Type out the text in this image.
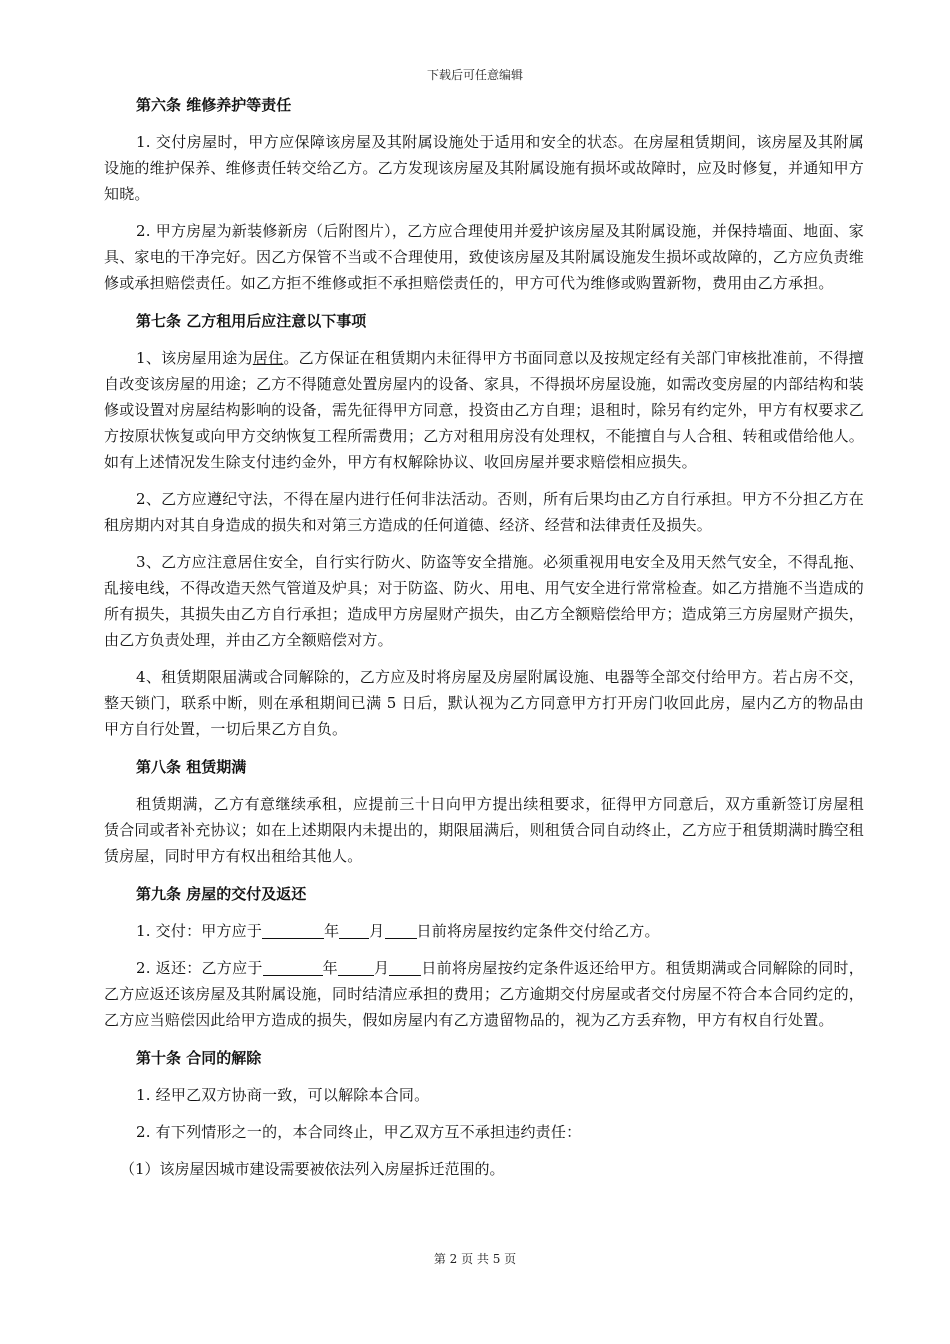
下载后可任意编辑

第六条 维修养护等责任

1. 交付房屋时，甲方应保障该房屋及其附属设施处于适用和安全的状态。在房屋租赁期间，该房屋及其附属设施的维护保养、维修责任转交给乙方。乙方发现该房屋及其附属设施有损坏或故障时，应及时修复，并通知甲方知晓。

2. 甲方房屋为新装修新房（后附图片），乙方应合理使用并爱护该房屋及其附属设施，并保持墙面、地面、家具、家电的干净完好。因乙方保管不当或不合理使用，致使该房屋及其附属设施发生损坏或故障的，乙方应负责维修或承担赔偿责任。如乙方拒不维修或拒不承担赔偿责任的，甲方可代为维修或购置新物，费用由乙方承担。

第七条 乙方租用后应注意以下事项

1、该房屋用途为居住。乙方保证在租赁期内未征得甲方书面同意以及按规定经有关部门审核批准前，不得擅自改变该房屋的用途；乙方不得随意处置房屋内的设备、家具，不得损坏房屋设施，如需改变房屋的内部结构和装修或设置对房屋结构影响的设备，需先征得甲方同意，投资由乙方自理；退租时，除另有约定外，甲方有权要求乙方按原状恢复或向甲方交纳恢复工程所需费用；乙方对租用房没有处理权，不能擅自与人合租、转租或借给他人。如有上述情况发生除支付违约金外，甲方有权解除协议、收回房屋并要求赔偿相应损失。

2、乙方应遵纪守法，不得在屋内进行任何非法活动。否则，所有后果均由乙方自行承担。甲方不分担乙方在租房期内对其自身造成的损失和对第三方造成的任何道德、经济、经营和法律责任及损失。

3、乙方应注意居住安全，自行实行防火、防盗等安全措施。必须重视用电安全及用天然气安全，不得乱拖、乱接电线，不得改造天然气管道及炉具；对于防盗、防火、用电、用气安全进行常常检查。如乙方措施不当造成的所有损失，其损失由乙方自行承担；造成甲方房屋财产损失，由乙方全额赔偿给甲方；造成第三方房屋财产损失，由乙方负责处理，并由乙方全额赔偿对方。

4、租赁期限届满或合同解除的，乙方应及时将房屋及房屋附属设施、电器等全部交付给甲方。若占房不交，整天锁门，联系中断，则在承租期间已满 5 日后，默认视为乙方同意甲方打开房门收回此房，屋内乙方的物品由甲方自行处置，一切后果乙方自负。

第八条 租赁期满

租赁期满，乙方有意继续承租，应提前三十日向甲方提出续租要求，征得甲方同意后，双方重新签订房屋租赁合同或者补充协议；如在上述期限内未提出的，期限届满后，则租赁合同自动终止，乙方应于租赁期满时腾空租赁房屋，同时甲方有权出租给其他人。

第九条 房屋的交付及返还

1. 交付：甲方应于	年 月 日前将房屋按约定条件交付给乙方。

2. 返还：乙方应于	年 月 日前将房屋按约定条件返还给甲方。租赁期满或合同解除的同时，乙方应返还该房屋及其附属设施，同时结清应承担的费用；乙方逾期交付房屋或者交付房屋不符合本合同约定的，乙方应当赔偿因此给甲方造成的损失，假如房屋内有乙方遗留物品的，视为乙方丢弃物，甲方有权自行处置。

第十条 合同的解除

1. 经甲乙双方协商一致，可以解除本合同。

2. 有下列情形之一的，本合同终止，甲乙双方互不承担违约责任：

（1）该房屋因城市建设需要被依法列入房屋拆迁范围的。

第 2 页 共 5 页
